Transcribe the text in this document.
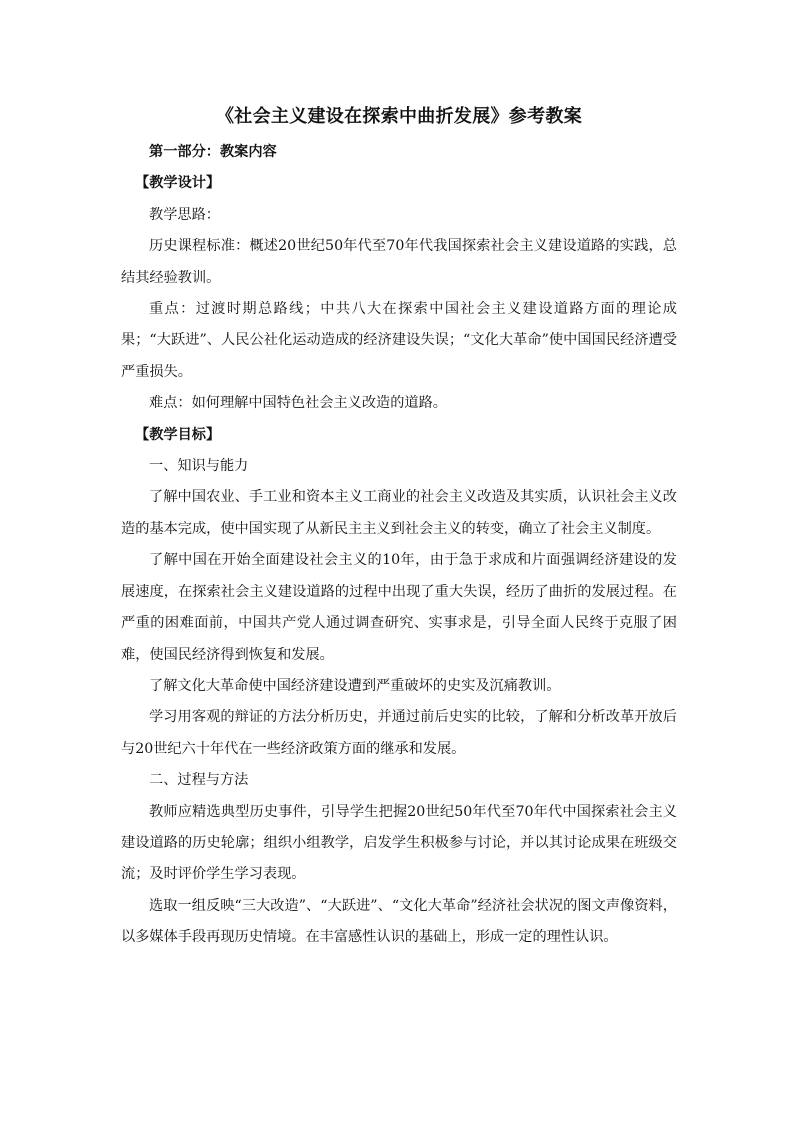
《社会主义建设在探索中曲折发展》参考教案

第一部分：教案内容

【教学设计】

教学思路：

历史课程标准：概述20世纪50年代至70年代我国探索社会主义建设道路的实践，总结其经验教训。

重点：过渡时期总路线；中共八大在探索中国社会主义建设道路方面的理论成果；“大跃进”、人民公社化运动造成的经济建设失误；“文化大革命”使中国国民经济遭受严重损失。

难点：如何理解中国特色社会主义改造的道路。

【教学目标】

一、知识与能力

了解中国农业、手工业和资本主义工商业的社会主义改造及其实质，认识社会主义改造的基本完成，使中国实现了从新民主主义到社会主义的转变，确立了社会主义制度。

了解中国在开始全面建设社会主义的10年，由于急于求成和片面强调经济建设的发展速度，在探索社会主义建设道路的过程中出现了重大失误，经历了曲折的发展过程。在严重的困难面前，中国共产党人通过调查研究、实事求是，引导全面人民终于克服了困难，使国民经济得到恢复和发展。

了解文化大革命使中国经济建设遭到严重破坏的史实及沉痛教训。

学习用客观的辩证的方法分析历史，并通过前后史实的比较，了解和分析改革开放后与20世纪六十年代在一些经济政策方面的继承和发展。

二、过程与方法

教师应精选典型历史事件，引导学生把握20世纪50年代至70年代中国探索社会主义建设道路的历史轮廓；组织小组教学，启发学生积极参与讨论，并以其讨论成果在班级交流；及时评价学生学习表现。

选取一组反映“三大改造”、“大跃进”、“文化大革命”经济社会状况的图文声像资料，以多媒体手段再现历史情境。在丰富感性认识的基础上，形成一定的理性认识。
